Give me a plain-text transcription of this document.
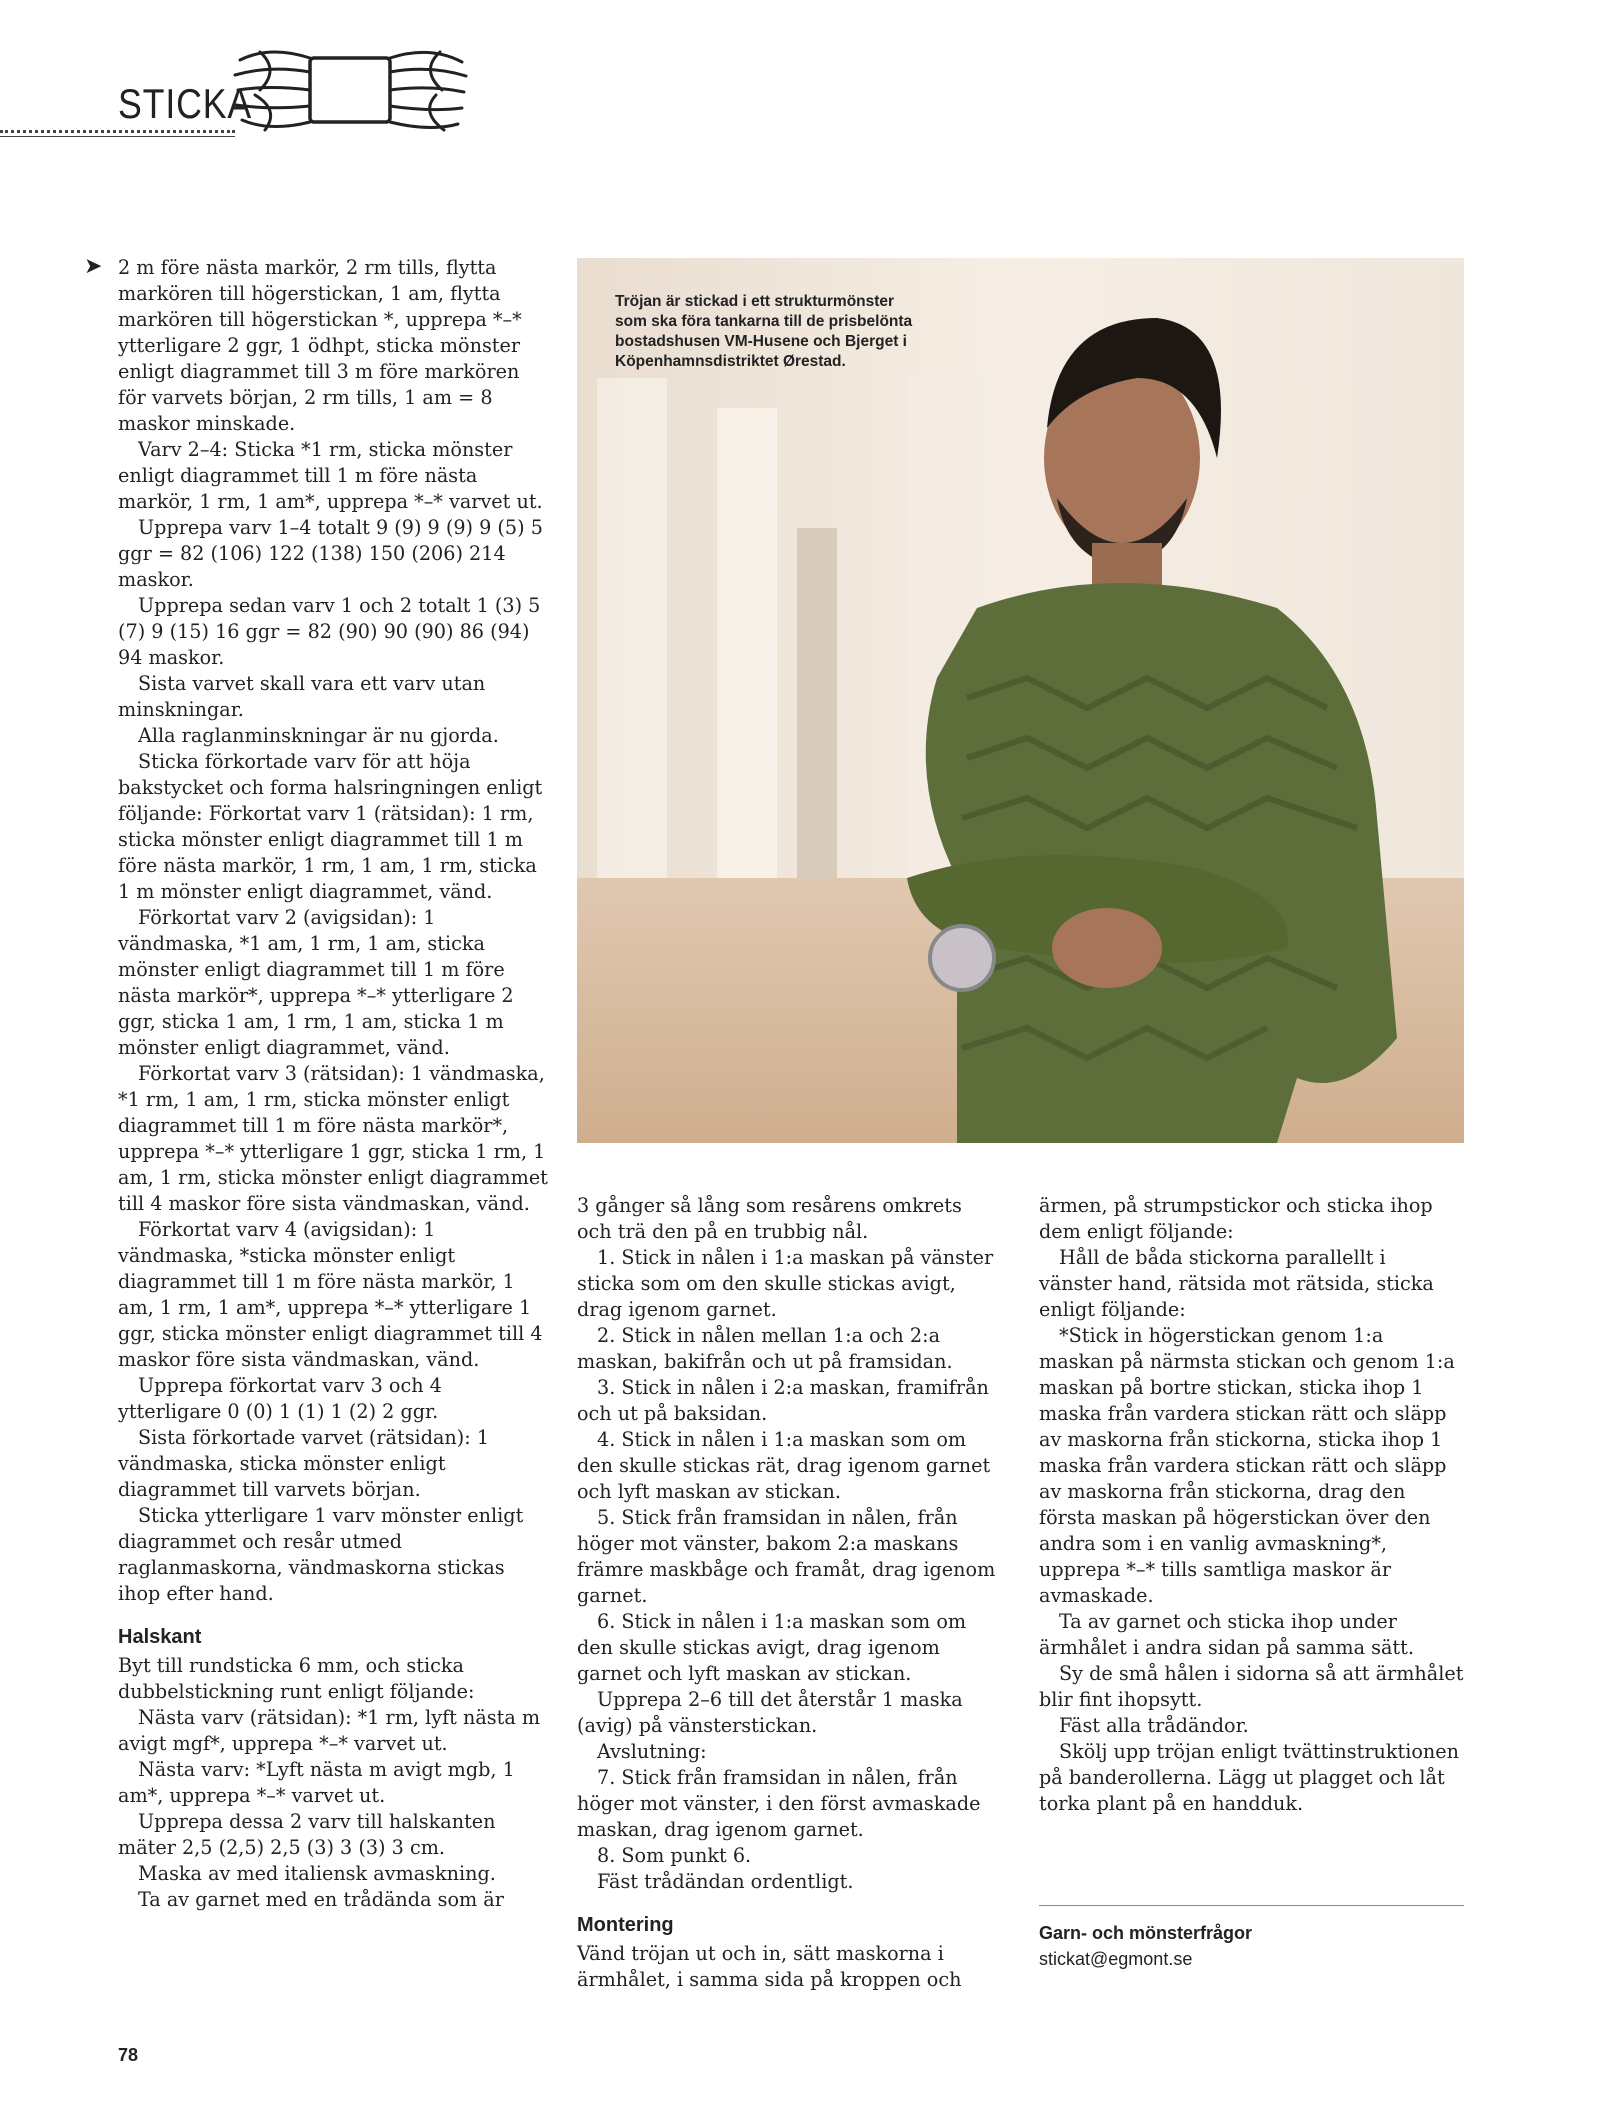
STICKA
➤ 2 m före nästa markör, 2 rm tills, flytta markören till högerstickan, 1 am, flytta markören till högerstickan *, upprepa *–* ytterligare 2 ggr, 1 ödhpt, sticka mönster enligt diagrammet till 3 m före markören för varvets början, 2 rm tills, 1 am = 8 maskor minskade.

Varv 2–4: Sticka *1 rm, sticka mönster enligt diagrammet till 1 m före nästa markör, 1 rm, 1 am*, upprepa *–* varvet ut.

Upprepa varv 1–4 totalt 9 (9) 9 (9) 9 (5) 5 ggr = 82 (106) 122 (138) 150 (206) 214 maskor.

Upprepa sedan varv 1 och 2 totalt 1 (3) 5 (7) 9 (15) 16 ggr = 82 (90) 90 (90) 86 (94) 94 maskor.

Sista varvet skall vara ett varv utan minskningar.

Alla raglanminskningar är nu gjorda.

Sticka förkortade varv för att höja bakstycket och forma halsringningen enligt följande: Förkortat varv 1 (rätsidan): 1 rm, sticka mönster enligt diagrammet till 1 m före nästa markör, 1 rm, 1 am, 1 rm, sticka 1 m mönster enligt diagrammet, vänd.

Förkortat varv 2 (avigsidan): 1 vändmaska, *1 am, 1 rm, 1 am, sticka mönster enligt diagrammet till 1 m före nästa markör*, upprepa *–* ytterligare 2 ggr, sticka 1 am, 1 rm, 1 am, sticka 1 m mönster enligt diagrammet, vänd.

Förkortat varv 3 (rätsidan): 1 vändmaska, *1 rm, 1 am, 1 rm, sticka mönster enligt diagrammet till 1 m före nästa markör*, upprepa *–* ytterligare 1 ggr, sticka 1 rm, 1 am, 1 rm, sticka mönster enligt diagrammet till 4 maskor före sista vändmaskan, vänd.

Förkortat varv 4 (avigsidan): 1 vändmaska, *sticka mönster enligt diagrammet till 1 m före nästa markör, 1 am, 1 rm, 1 am*, upprepa *–* ytterligare 1 ggr, sticka mönster enligt diagrammet till 4 maskor före sista vändmaskan, vänd.

Upprepa förkortat varv 3 och 4 ytterligare 0 (0) 1 (1) 1 (2) 2 ggr.

Sista förkortade varvet (rätsidan): 1 vändmaska, sticka mönster enligt diagrammet till varvets början.

Sticka ytterligare 1 varv mönster enligt diagrammet och resår utmed raglanmaskorna, vändmaskorna stickas ihop efter hand.

Halskant

Byt till rundsticka 6 mm, och sticka dubbelstickning runt enligt följande:

Nästa varv (rätsidan): *1 rm, lyft nästa m avigt mgf*, upprepa *–* varvet ut.

Nästa varv: *Lyft nästa m avigt mgb, 1 am*, upprepa *–* varvet ut.

Upprepa dessa 2 varv till halskanten mäter 2,5 (2,5) 2,5 (3) 3 (3) 3 cm.

Maska av med italiensk avmaskning.

Ta av garnet med en trådända som är

Tröjan är stickad i ett strukturmönster som ska föra tankarna till de prisbelönta bostadshusen VM-Husene och Bjerget i Köpenhamnsdistriktet Ørestad.

3 gånger så lång som resårens omkrets och trä den på en trubbig nål.

1. Stick in nålen i 1:a maskan på vänster sticka som om den skulle stickas avigt, drag igenom garnet.

2. Stick in nålen mellan 1:a och 2:a maskan, bakifrån och ut på framsidan.

3. Stick in nålen i 2:a maskan, framifrån och ut på baksidan.

4. Stick in nålen i 1:a maskan som om den skulle stickas rät, drag igenom garnet och lyft maskan av stickan.

5. Stick från framsidan in nålen, från höger mot vänster, bakom 2:a maskans främre maskbåge och framåt, drag igenom garnet.

6. Stick in nålen i 1:a maskan som om den skulle stickas avigt, drag igenom garnet och lyft maskan av stickan.

Upprepa 2–6 till det återstår 1 maska (avig) på vänsterstickan.

Avslutning:

7. Stick från framsidan in nålen, från höger mot vänster, i den först avmaskade maskan, drag igenom garnet.

8. Som punkt 6.

Fäst trådändan ordentligt.

Montering

Vänd tröjan ut och in, sätt maskorna i ärmhålet, i samma sida på kroppen och

ärmen, på strumpstickor och sticka ihop dem enligt följande:

Håll de båda stickorna parallellt i vänster hand, rätsida mot rätsida, sticka enligt följande:

*Stick in högerstickan genom 1:a maskan på närmsta stickan och genom 1:a maskan på bortre stickan, sticka ihop 1 maska från vardera stickan rätt och släpp av maskorna från stickorna, sticka ihop 1 maska från vardera stickan rätt och släpp av maskorna från stickorna, drag den första maskan på högerstickan över den andra som i en vanlig avmaskning*, upprepa *–* tills samtliga maskor är avmaskade.

Ta av garnet och sticka ihop under ärmhålet i andra sidan på samma sätt.

Sy de små hålen i sidorna så att ärmhålet blir fint ihopsytt.

Fäst alla trådändor.

Skölj upp tröjan enligt tvättinstruktionen på banderollerna. Lägg ut plagget och låt torka plant på en handduk.

Garn- och mönsterfrågor
stickat@egmont.se
78
